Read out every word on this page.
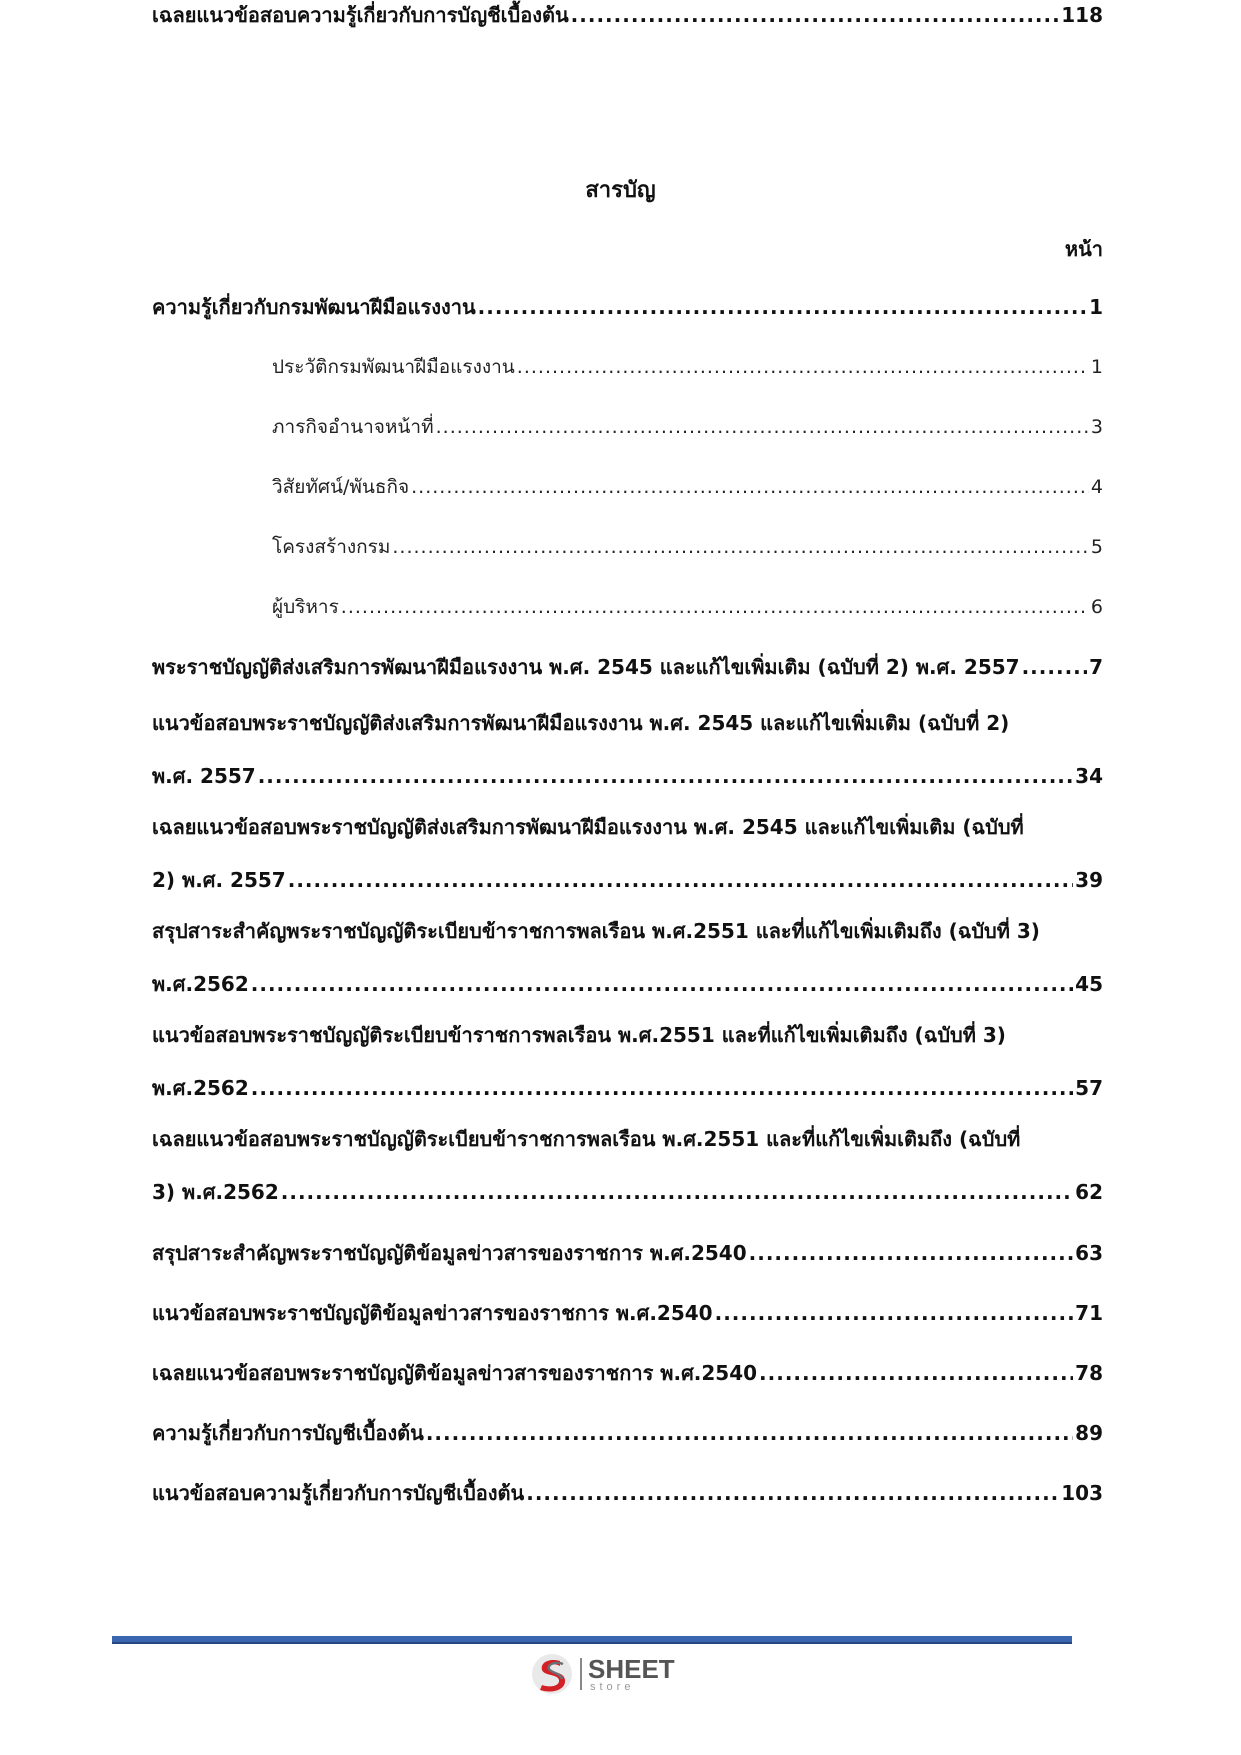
สารบัญ
หน้า
ความรู้เกี่ยวกับกรมพัฒนาฝีมือแรงงาน .....	1
ประวัติกรมพัฒนาฝีมือแรงงาน .....	1
ภารกิจอำนาจหน้าที่ .....	3
วิสัยทัศน์/พันธกิจ .....	4
โครงสร้างกรม .....	5
ผู้บริหาร .....	6
พระราชบัญญัติส่งเสริมการพัฒนาฝีมือแรงงาน พ.ศ. 2545 และแก้ไขเพิ่มเติม (ฉบับที่ 2) พ.ศ. 2557 .....	7
แนวข้อสอบพระราชบัญญัติส่งเสริมการพัฒนาฝีมือแรงงาน พ.ศ. 2545 และแก้ไขเพิ่มเติม (ฉบับที่ 2)
พ.ศ. 2557 .....	34
เฉลยแนวข้อสอบพระราชบัญญัติส่งเสริมการพัฒนาฝีมือแรงงาน พ.ศ. 2545 และแก้ไขเพิ่มเติม (ฉบับที่
2) พ.ศ. 2557 .....	39
สรุปสาระสำคัญพระราชบัญญัติระเบียบข้าราชการพลเรือน พ.ศ.2551 และที่แก้ไขเพิ่มเติมถึง (ฉบับที่ 3)
พ.ศ.2562 .....	45
แนวข้อสอบพระราชบัญญัติระเบียบข้าราชการพลเรือน พ.ศ.2551 และที่แก้ไขเพิ่มเติมถึง (ฉบับที่ 3)
พ.ศ.2562 .....	57
เฉลยแนวข้อสอบพระราชบัญญัติระเบียบข้าราชการพลเรือน พ.ศ.2551 และที่แก้ไขเพิ่มเติมถึง (ฉบับที่
3) พ.ศ.2562 .....	62
สรุปสาระสำคัญพระราชบัญญัติข้อมูลข่าวสารของราชการ พ.ศ.2540 .....	63
แนวข้อสอบพระราชบัญญัติข้อมูลข่าวสารของราชการ พ.ศ.2540 .....	71
เฉลยแนวข้อสอบพระราชบัญญัติข้อมูลข่าวสารของราชการ พ.ศ.2540 .....	78
ความรู้เกี่ยวกับการบัญชีเบื้องต้น .....	89
แนวข้อสอบความรู้เกี่ยวกับการบัญชีเบื้องต้น .....	103
เฉลยแนวข้อสอบความรู้เกี่ยวกับการบัญชีเบื้องต้น .....	118
SHEET
store
